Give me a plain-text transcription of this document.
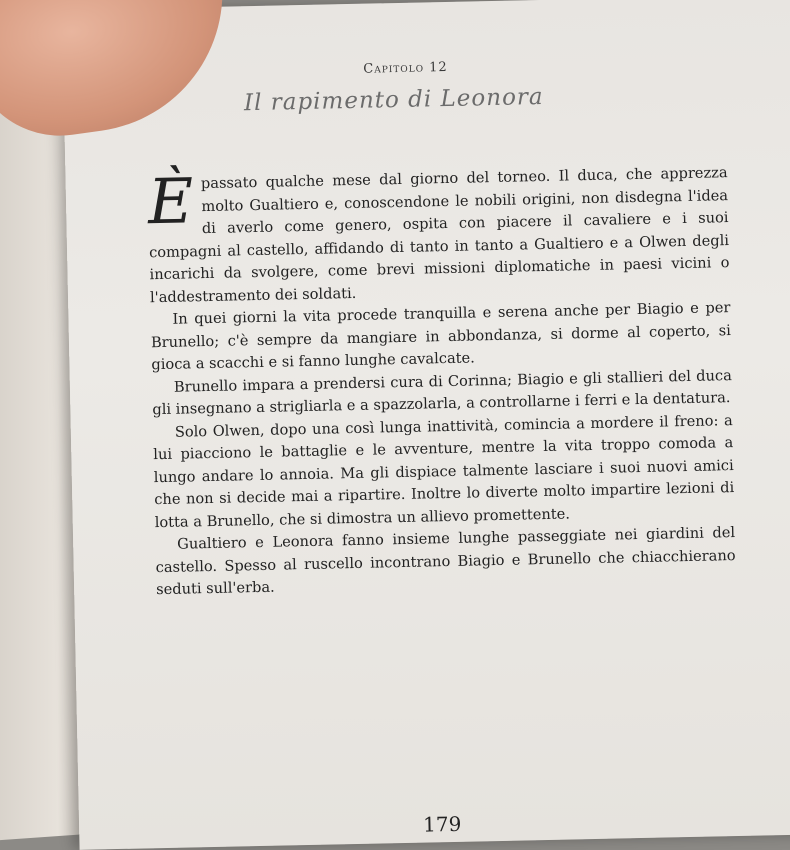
Capitolo 12
Il rapimento di Leonora

È passato qualche mese dal giorno del torneo. Il duca, che apprezza molto Gualtiero e, conoscendone le nobili origini, non disdegna l'idea di averlo come genero, ospita con piacere il cavaliere e i suoi compagni al castello, affidando di tanto in tanto a Gualtiero e a Olwen degli incarichi da svolgere, come brevi missioni diplomatiche in paesi vicini o l'addestramento dei soldati.

In quei giorni la vita procede tranquilla e serena anche per Biagio e per Brunello; c'è sempre da mangiare in abbondanza, si dorme al coperto, si gioca a scacchi e si fanno lunghe cavalcate.

Brunello impara a prendersi cura di Corinna; Biagio e gli stallieri del duca gli insegnano a strigliarla e a spazzolarla, a controllarne i ferri e la dentatura.

Solo Olwen, dopo una così lunga inattività, comincia a mordere il freno: a lui piacciono le battaglie e le avventure, mentre la vita troppo comoda a lungo andare lo annoia. Ma gli dispiace talmente lasciare i suoi nuovi amici che non si decide mai a ripartire. Inoltre lo diverte molto impartire lezioni di lotta a Brunello, che si dimostra un allievo promettente.

Gualtiero e Leonora fanno insieme lunghe passeggiate nei giardini del castello. Spesso al ruscello incontrano Biagio e Brunello che chiacchierano seduti sull'erba.

179
